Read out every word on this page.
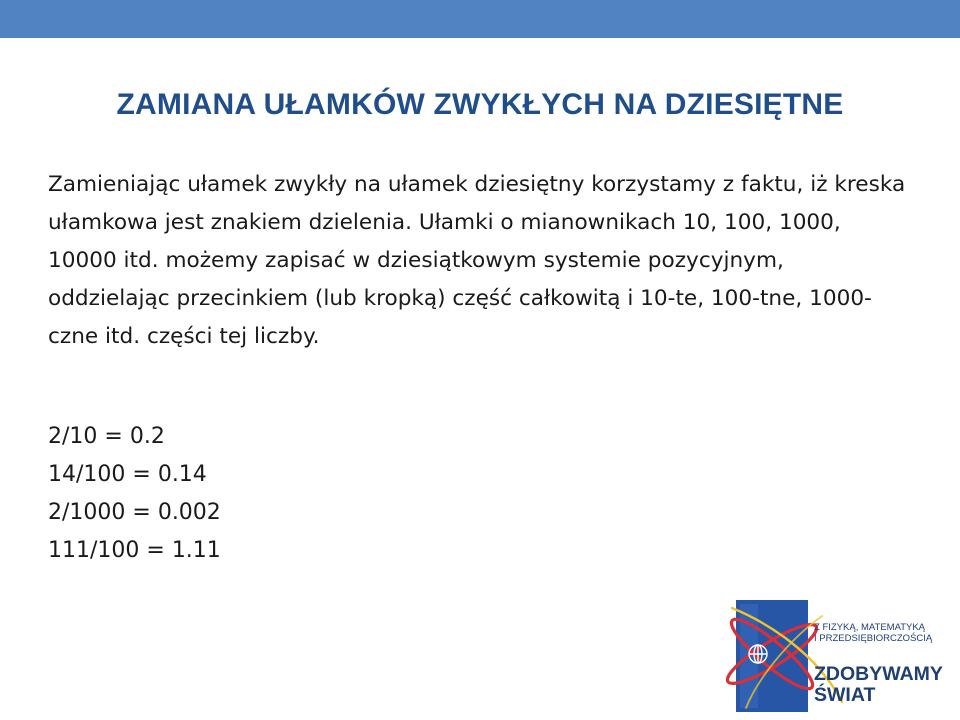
ZAMIANA UŁAMKÓW ZWYKŁYCH NA DZIESIĘTNE

Zamieniając ułamek zwykły na ułamek dziesiętny korzystamy z faktu, iż kreska ułamkowa jest znakiem dzielenia. Ułamki o mianownikach 10, 100, 1000, 10000 itd. możemy zapisać w dziesiątkowym systemie pozycyjnym, oddzielając przecinkiem (lub kropką) część całkowitą i 10-te, 100-tne, 1000-czne itd. części tej liczby.

2/10 = 0.2
14/100 = 0.14
2/1000 = 0.002
111/100 = 1.11

Z FIZYKĄ, MATEMATYKĄ
I PRZEDSIĘBIORCZOŚCIĄ

ZDOBYWAMY
ŚWIAT
